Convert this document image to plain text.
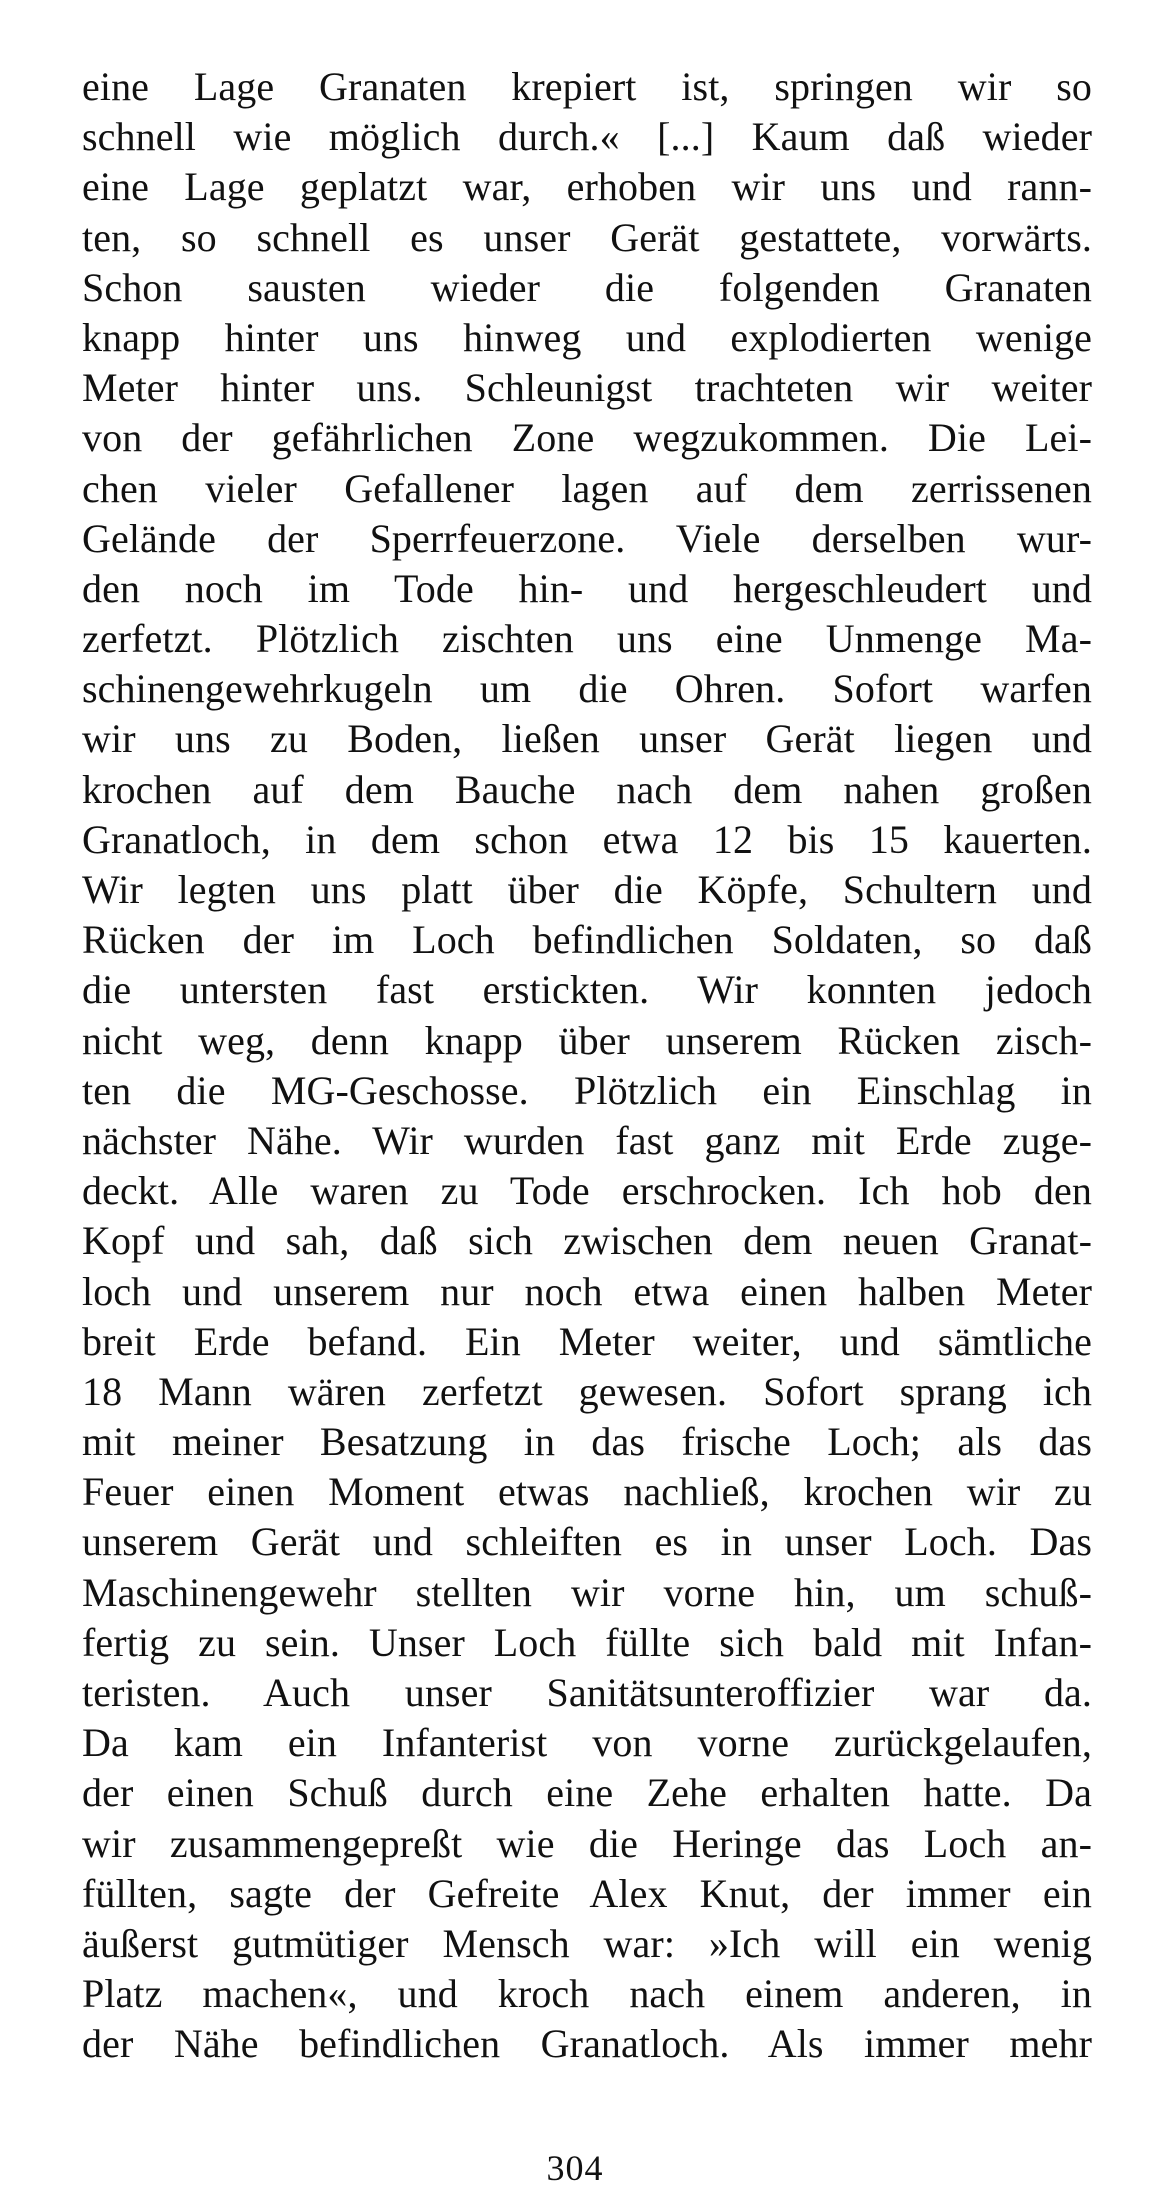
eine Lage Granaten krepiert ist, springen wir so
schnell wie möglich durch.« [...] Kaum daß wieder
eine Lage geplatzt war, erhoben wir uns und rann-
ten, so schnell es unser Gerät gestattete, vorwärts.
Schon sausten wieder die folgenden Granaten
knapp hinter uns hinweg und explodierten wenige
Meter hinter uns. Schleunigst trachteten wir weiter
von der gefährlichen Zone wegzukommen. Die Lei-
chen vieler Gefallener lagen auf dem zerrissenen
Gelände der Sperrfeuerzone. Viele derselben wur-
den noch im Tode hin- und hergeschleudert und
zerfetzt. Plötzlich zischten uns eine Unmenge Ma-
schinengewehrkugeln um die Ohren. Sofort warfen
wir uns zu Boden, ließen unser Gerät liegen und
krochen auf dem Bauche nach dem nahen großen
Granatloch, in dem schon etwa 12 bis 15 kauerten.
Wir legten uns platt über die Köpfe, Schultern und
Rücken der im Loch befindlichen Soldaten, so daß
die untersten fast erstickten. Wir konnten jedoch
nicht weg, denn knapp über unserem Rücken zisch-
ten die MG-Geschosse. Plötzlich ein Einschlag in
nächster Nähe. Wir wurden fast ganz mit Erde zuge-
deckt. Alle waren zu Tode erschrocken. Ich hob den
Kopf und sah, daß sich zwischen dem neuen Granat-
loch und unserem nur noch etwa einen halben Meter
breit Erde befand. Ein Meter weiter, und sämtliche
18 Mann wären zerfetzt gewesen. Sofort sprang ich
mit meiner Besatzung in das frische Loch; als das
Feuer einen Moment etwas nachließ, krochen wir zu
unserem Gerät und schleiften es in unser Loch. Das
Maschinengewehr stellten wir vorne hin, um schuß-
fertig zu sein. Unser Loch füllte sich bald mit Infan-
teristen. Auch unser Sanitätsunteroffizier war da.
Da kam ein Infanterist von vorne zurückgelaufen,
der einen Schuß durch eine Zehe erhalten hatte. Da
wir zusammengepreßt wie die Heringe das Loch an-
füllten, sagte der Gefreite Alex Knut, der immer ein
äußerst gutmütiger Mensch war: »Ich will ein wenig
Platz machen«, und kroch nach einem anderen, in
der Nähe befindlichen Granatloch. Als immer mehr
304
